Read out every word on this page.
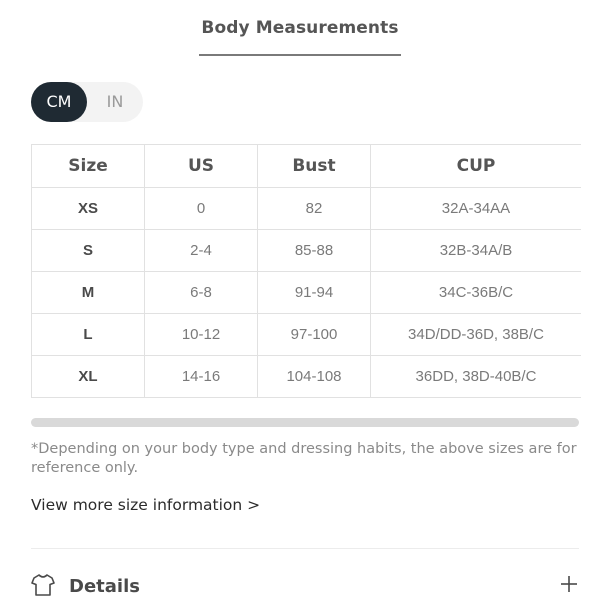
Body Measurements
CM	IN
Size	US	Bust	CUP
XS	0	82	32A-34AA
S	2-4	85-88	32B-34A/B
M	6-8	91-94	34C-36B/C
L	10-12	97-100	34D/DD-36D, 38B/C
XL	14-16	104-108	36DD, 38D-40B/C
*Depending on your body type and dressing habits, the above sizes are for reference only.
View more size information >
Details
